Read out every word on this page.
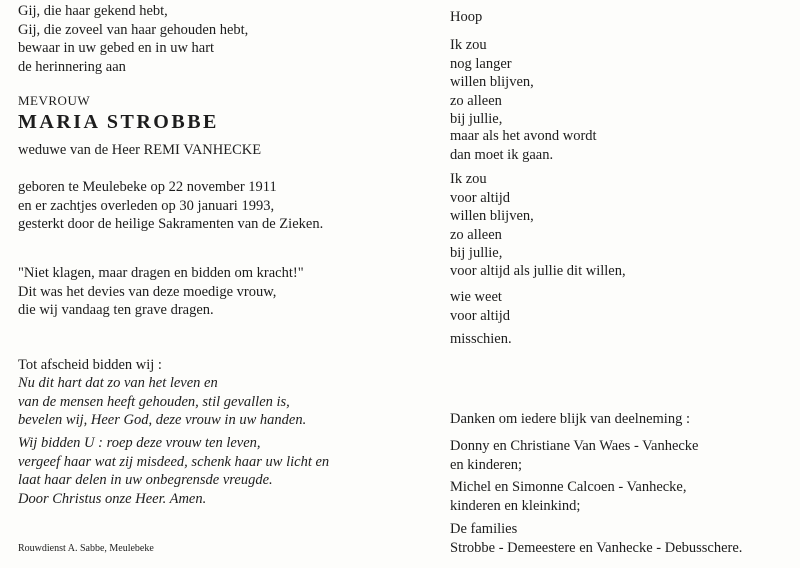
Gij, die haar gekend hebt,
Gij, die zoveel van haar gehouden hebt,
bewaar in uw gebed en in uw hart
de herinnering aan
MEVROUW
MARIA STROBBE
weduwe van de Heer REMI VANHECKE
geboren te Meulebeke op 22 november 1911
en er zachtjes overleden op 30 januari 1993,
gesterkt door de heilige Sakramenten van de Zieken.
"Niet klagen, maar dragen en bidden om kracht!"
Dit was het devies van deze moedige vrouw,
die wij vandaag ten grave dragen.
Tot afscheid bidden wij :
Nu dit hart dat zo van het leven en
van de mensen heeft gehouden, stil gevallen is,
bevelen wij, Heer God, deze vrouw in uw handen.
Wij bidden U : roep deze vrouw ten leven,
vergeef haar wat zij misdeed, schenk haar uw licht en
laat haar delen in uw onbegrensde vreugde.
Door Christus onze Heer. Amen.
Rouwdienst A. Sabbe, Meulebeke
Hoop
Ik zou
nog langer
willen blijven,
zo alleen
bij jullie,
maar als het avond wordt
dan moet ik gaan.
Ik zou
voor altijd
willen blijven,
zo alleen
bij jullie,
voor altijd als jullie dit willen,
wie weet
voor altijd
misschien.
Danken om iedere blijk van deelneming :
Donny en Christiane Van Waes - Vanhecke
en kinderen;
Michel en Simonne Calcoen - Vanhecke,
kinderen en kleinkind;
De families
Strobbe - Demeestere en Vanhecke - Debusschere.
